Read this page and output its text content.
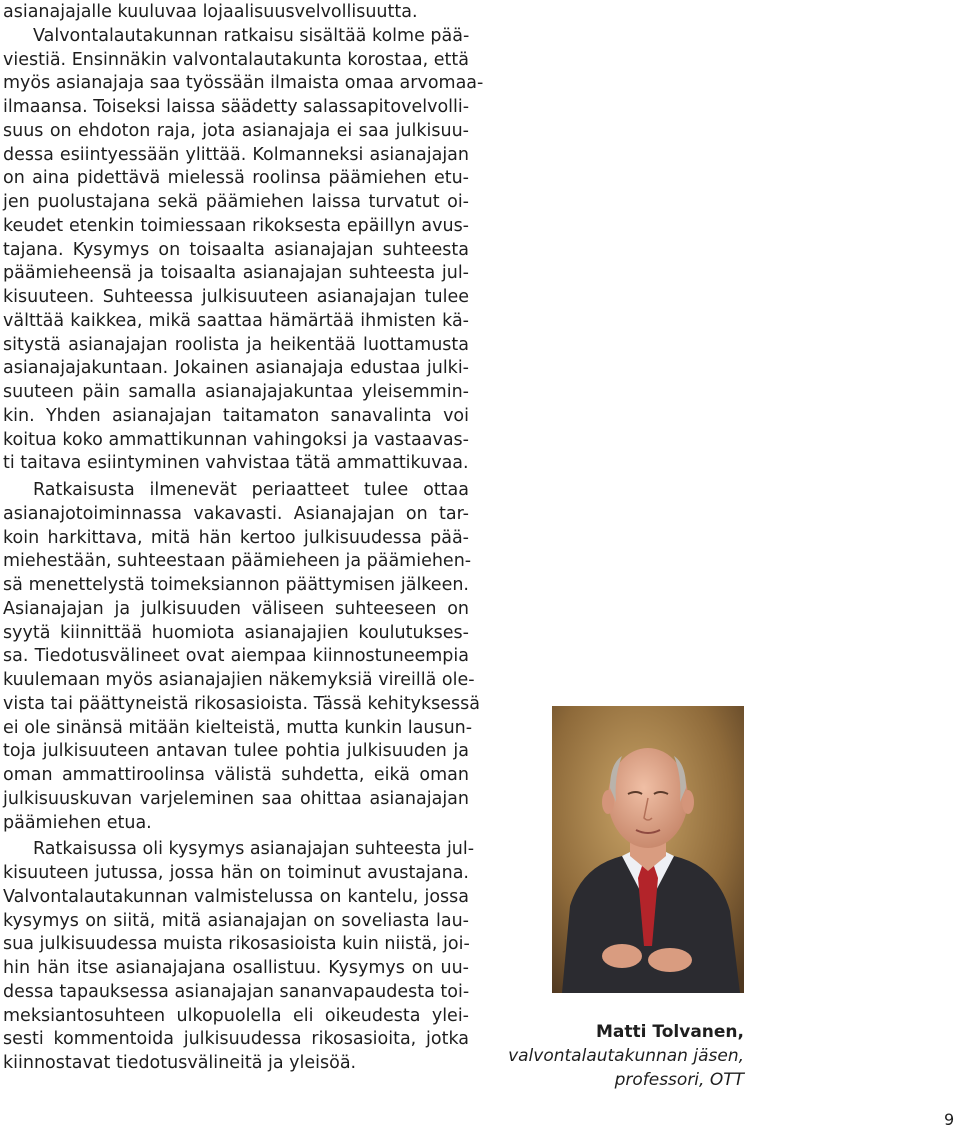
asianajajalle kuuluvaa lojaalisuusvelvollisuutta.
Valvontalautakunnan ratkaisu sisältää kolme pää-
viestiä. Ensinnäkin valvontalautakunta korostaa, että
myös asianajaja saa työssään ilmaista omaa arvomaa-
ilmaansa. Toiseksi laissa säädetty salassapitovelvolli-
suus on ehdoton raja, jota asianajaja ei saa julkisuu-
dessa esiintyessään ylittää. Kolmanneksi asianajajan
on aina pidettävä mielessä roolinsa päämiehen etu-
jen puolustajana sekä päämiehen laissa turvatut oi-
keudet etenkin toimiessaan rikoksesta epäillyn avus-
tajana. Kysymys on toisaalta asianajajan suhteesta
päämieheensä ja toisaalta asianajajan suhteesta jul-
kisuuteen. Suhteessa julkisuuteen asianajajan tulee
välttää kaikkea, mikä saattaa hämärtää ihmisten kä-
sitystä asianajajan roolista ja heikentää luottamusta
asianajajakuntaan. Jokainen asianajaja edustaa julki-
suuteen päin samalla asianajajakuntaa yleisemmin-
kin. Yhden asianajajan taitamaton sanavalinta voi
koitua koko ammattikunnan vahingoksi ja vastaavas-
ti taitava esiintyminen vahvistaa tätä ammattikuvaa.
Ratkaisusta ilmenevät periaatteet tulee ottaa
asianajotoiminnassa vakavasti. Asianajajan on tar-
koin harkittava, mitä hän kertoo julkisuudessa pää-
miehestään, suhteestaan päämieheen ja päämiehen-
sä menettelystä toimeksiannon päättymisen jälkeen.
Asianajajan ja julkisuuden väliseen suhteeseen on
syytä kiinnittää huomiota asianajajien koulutukses-
sa. Tiedotusvälineet ovat aiempaa kiinnostuneempia
kuulemaan myös asianajajien näkemyksiä vireillä ole-
vista tai päättyneistä rikosasioista. Tässä kehityksessä
ei ole sinänsä mitään kielteistä, mutta kunkin lausun-
toja julkisuuteen antavan tulee pohtia julkisuuden ja
oman ammattiroolinsa välistä suhdetta, eikä oman
julkisuuskuvan varjeleminen saa ohittaa asianajajan
päämiehen etua.
Ratkaisussa oli kysymys asianajajan suhteesta jul-
kisuuteen jutussa, jossa hän on toiminut avustajana.
Valvontalautakunnan valmistelussa on kantelu, jossa
kysymys on siitä, mitä asianajajan on soveliasta lau-
sua julkisuudessa muista rikosasioista kuin niistä, joi-
hin hän itse asianajajana osallistuu. Kysymys on uu-
dessa tapauksessa asianajajan sananvapaudesta toi-
meksiantosuhteen ulkopuolella eli oikeudesta ylei-
sesti kommentoida julkisuudessa rikosasioita, jotka
kiinnostavat tiedotusvälineitä ja yleisöä.
Matti Tolvanen,
valvontalautakunnan jäsen,
professori, OTT
9
